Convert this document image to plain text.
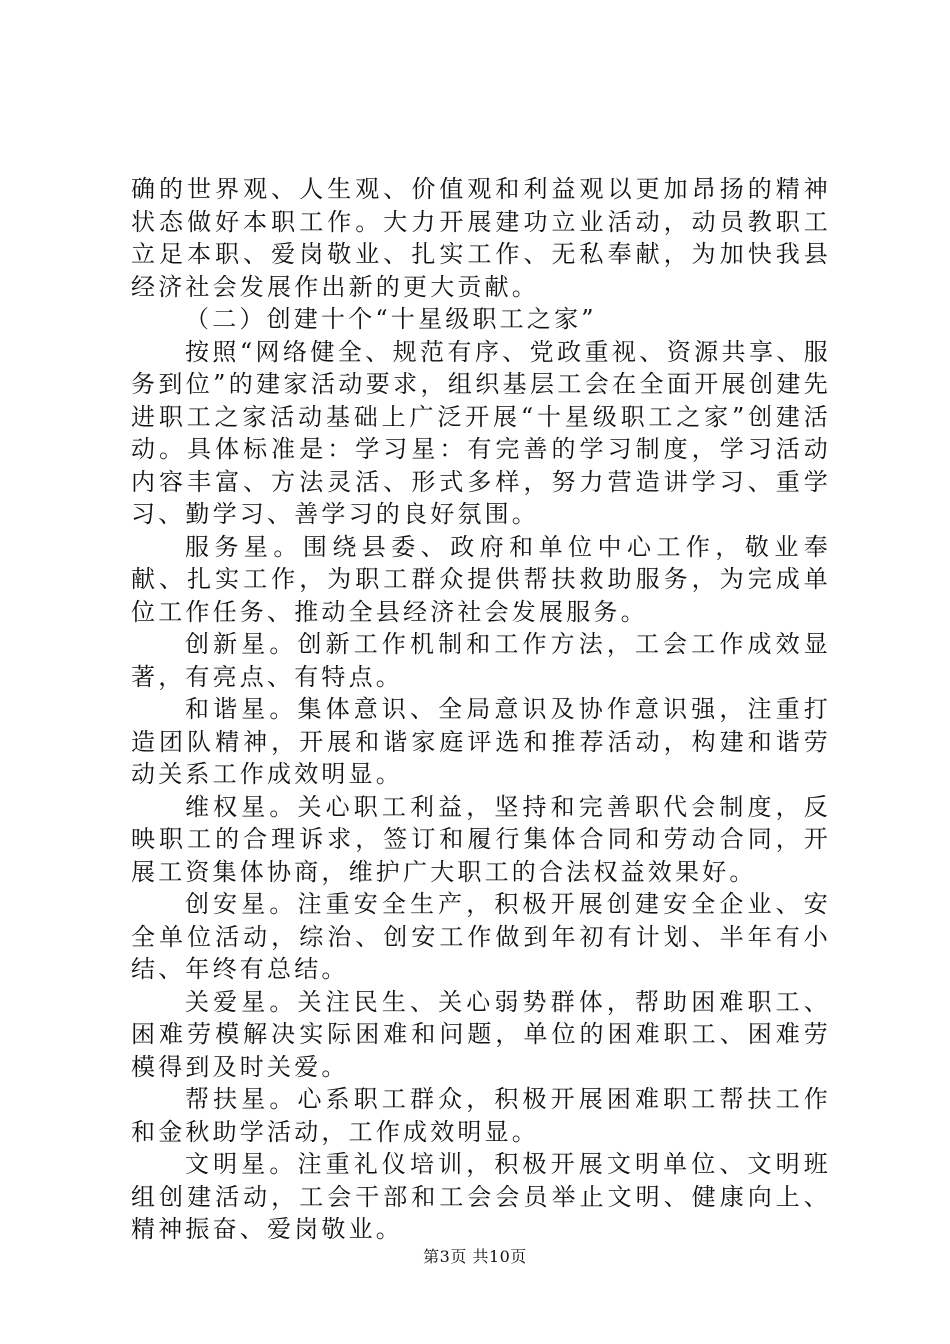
确的世界观、人生观、价值观和利益观以更加昂扬的精神状态做好本职工作。大力开展建功立业活动，动员教职工立足本职、爱岗敬业、扎实工作、无私奉献，为加快我县经济社会发展作出新的更大贡献。

（二）创建十个“十星级职工之家”

按照“网络健全、规范有序、党政重视、资源共享、服务到位”的建家活动要求，组织基层工会在全面开展创建先进职工之家活动基础上广泛开展“十星级职工之家”创建活动。具体标准是：学习星：有完善的学习制度，学习活动内容丰富、方法灵活、形式多样，努力营造讲学习、重学习、勤学习、善学习的良好氛围。

服务星。围绕县委、政府和单位中心工作，敬业奉献、扎实工作，为职工群众提供帮扶救助服务，为完成单位工作任务、推动全县经济社会发展服务。

创新星。创新工作机制和工作方法，工会工作成效显著，有亮点、有特点。

和谐星。集体意识、全局意识及协作意识强，注重打造团队精神，开展和谐家庭评选和推荐活动，构建和谐劳动关系工作成效明显。

维权星。关心职工利益，坚持和完善职代会制度，反映职工的合理诉求，签订和履行集体合同和劳动合同，开展工资集体协商，维护广大职工的合法权益效果好。

创安星。注重安全生产，积极开展创建安全企业、安全单位活动，综治、创安工作做到年初有计划、半年有小结、年终有总结。

关爱星。关注民生、关心弱势群体，帮助困难职工、困难劳模解决实际困难和问题，单位的困难职工、困难劳模得到及时关爱。

帮扶星。心系职工群众，积极开展困难职工帮扶工作和金秋助学活动，工作成效明显。

文明星。注重礼仪培训，积极开展文明单位、文明班组创建活动，工会干部和工会会员举止文明、健康向上、精神振奋、爱岗敬业。

第3页 共10页
